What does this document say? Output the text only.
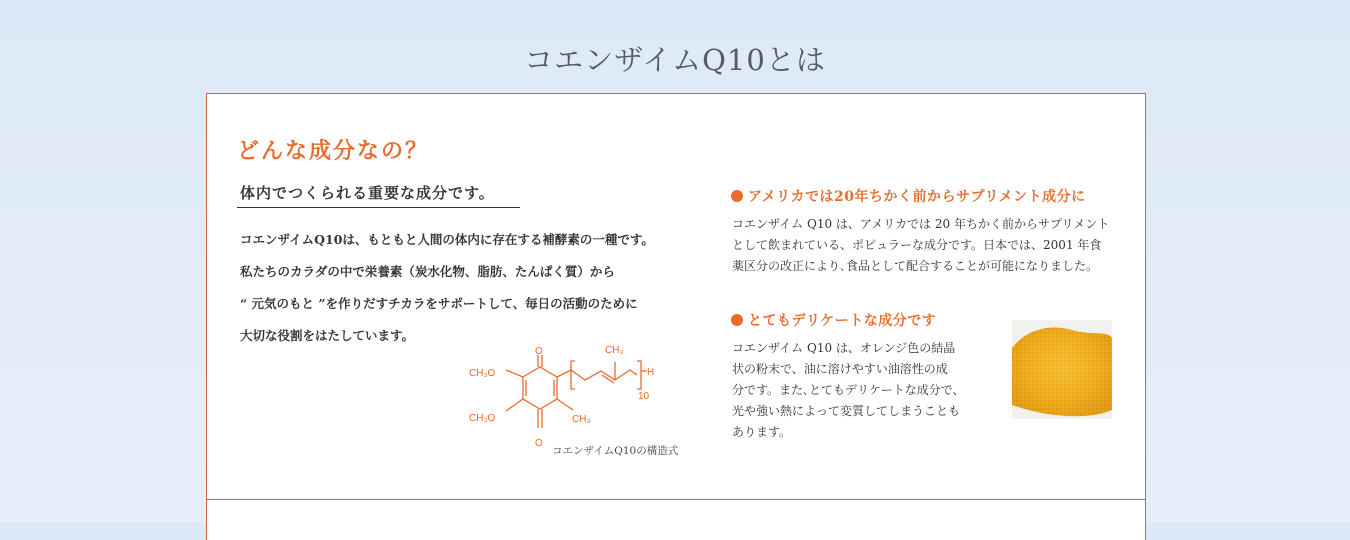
コエンザイムQ10とは
どんな成分なの？
体内でつくられる重要な成分です。

コエンザイムQ10は、もともと人間の体内に存在する補酵素の一種です。

私たちのカラダの中で栄養素（炭水化物、脂肪、たんぱく質）から

“ 元気のもと ”を作りだすチカラをサポートして、毎日の活動のために

大切な役割をはたしています。

O
O
CH₃O
CH₃O	CH₃
CH₃
H
10
コエンザイムQ10の構造式
アメリカでは20年ちかく前からサプリメント成分に

コエンザイム Q10 は、アメリカでは 20 年ちかく前からサプリメント

として飲まれている、ポピュラーな成分です。日本では、2001 年食

薬区分の改正により､食品として配合することが可能になりました。

とてもデリケートな成分です

コエンザイム Q10 は、オレンジ色の結晶

状の粉末で、油に溶けやすい油溶性の成

分です。また､とてもデリケートな成分で、

光や強い熱によって変質してしまうことも

あります。
